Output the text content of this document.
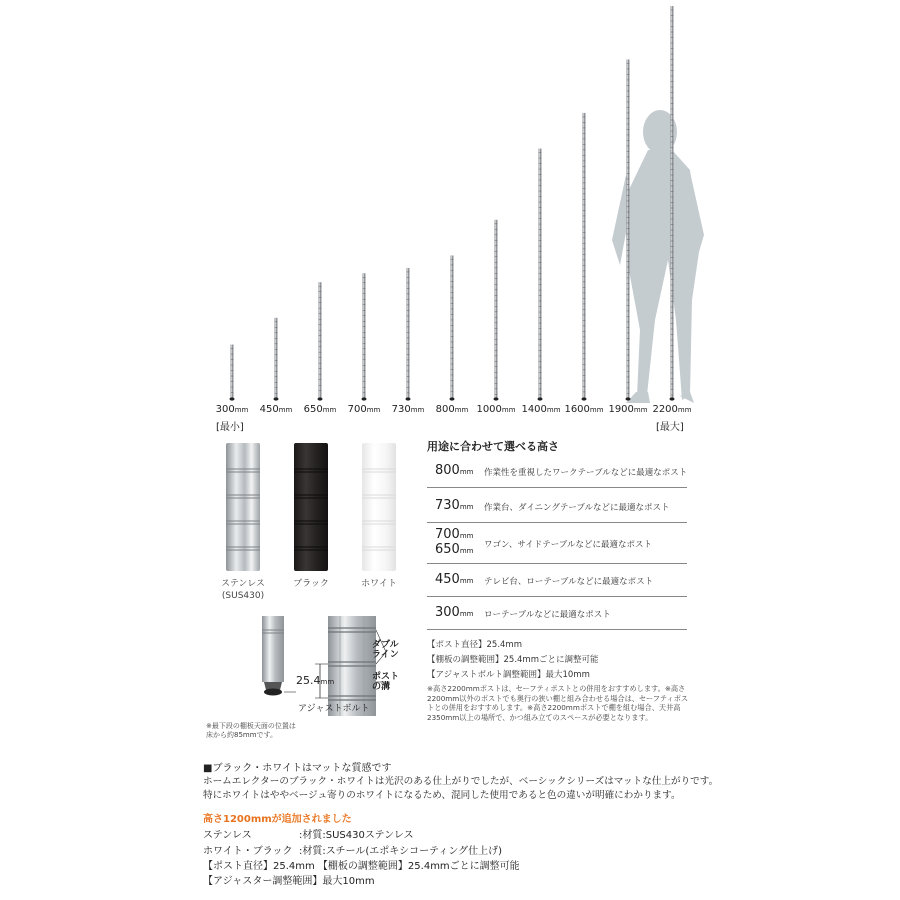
300mm 450mm 650mm 700mm 730mm 800mm 1000mm 1400mm 1600mm 1900mm 2200mm
[最小]	[最大]
ステンレス
(SUS430)
ブラック	ホワイト
25.4mm
ダブル
ライン
ポスト
の溝
アジャストボルト
※最下段の棚板天面の位置は
床から約85mmです。
用途に合わせて選べる高さ
800mm 作業性を重視したワークテーブルなどに最適なポスト
730mm 作業台、ダイニングテーブルなどに最適なポスト
700mm
650mm
ワゴン、サイドテーブルなどに最適なポスト
450mm テレビ台、ローテーブルなどに最適なポスト
300mm ローテーブルなどに最適なポスト
【ポスト直径】25.4mm
【棚板の調整範囲】25.4mmごとに調整可能
【アジャストボルト調整範囲】最大10mm
※高さ2200mmポストは、セーフティポストとの併用をおすすめします。※高さ2200mm以外のポストでも奥行の狭い棚と組み合わせる場合は、セーフティポストとの併用をおすすめします。※高さ2200mmポストで棚を組む場合、天井高2350mm以上の場所で、かつ組み立てのスペースが必要となります。
■ブラック・ホワイトはマットな質感です
ホームエレクターのブラック・ホワイトは光沢のある仕上がりでしたが、ベーシックシリーズはマットな仕上がりです。
特にホワイトはややベージュ寄りのホワイトになるため、混同した使用であると色の違いが明確にわかります。
高さ1200mmが追加されました
ステンレス	:材質:SUS430ステンレス
ホワイト・ブラック :材質:スチール(エポキシコーティング仕上げ)
【ポスト直径】25.4mm 【棚板の調整範囲】25.4mmごとに調整可能
【アジャスター調整範囲】最大10mm
